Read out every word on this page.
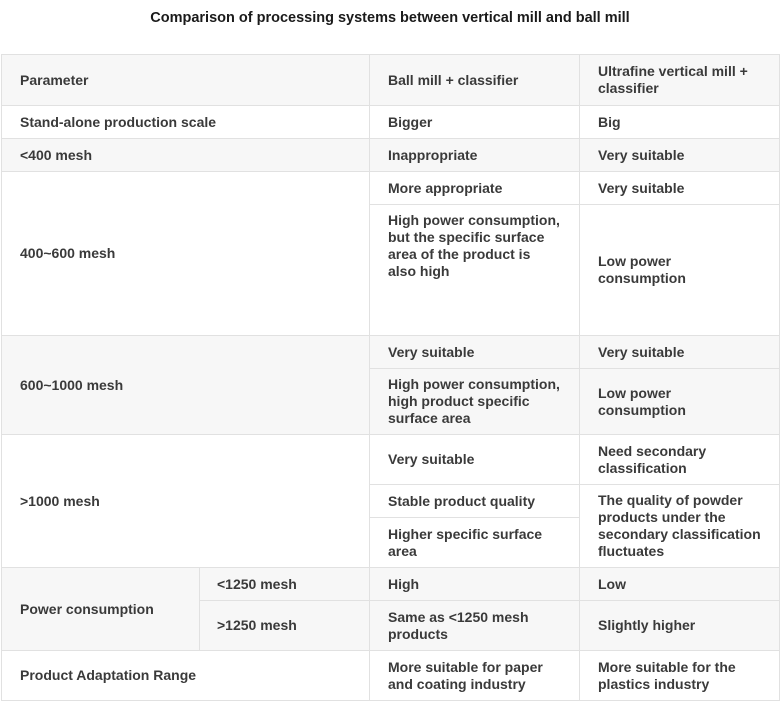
Comparison of processing systems between vertical mill and ball mill
Parameter		Ball mill + classifier	Ultrafine vertical mill + classifier
Stand-alone production scale		Bigger	Big
<400 mesh		Inappropriate	Very suitable
400~600 mesh		More appropriate	Very suitable
		High power consumption, but the specific surface area of the product is also high	Low power consumption
600~1000 mesh		Very suitable	Very suitable
		High power consumption, high product specific surface area	Low power consumption
>1000 mesh		Very suitable	Need secondary classification
		Stable product quality	The quality of powder products under the secondary classification fluctuates
		Higher specific surface area	
Power consumption	<1250 mesh	High	Low
	>1250 mesh	Same as <1250 mesh products	Slightly higher
Product Adaptation Range		More suitable for paper and coating industry	More suitable for the plastics industry
